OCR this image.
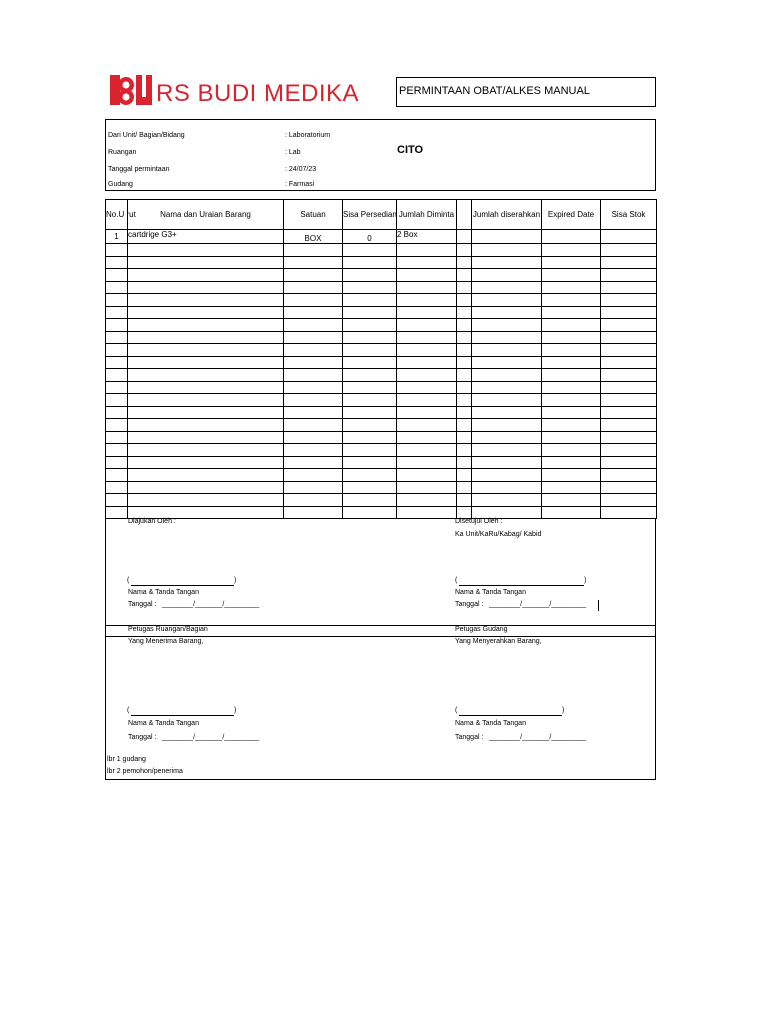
RS BUDI MEDIKA	PERMINTAAN OBAT/ALKES MANUAL
Dari Unit/ Bagian/Bidang	: Laboratorium
Ruangan	: Lab
Tanggal permintaan	: 24/07/23
Gudang	: Farmasi
CITO
No.U rut	Nama dan Uraian Barang	Satuan	Sisa Persedian	Jumlah Diminta		Jumlah diserahkan	Expired Date	Sisa Stok
1	cartdrige G3+	BOX	0	2 Box				

Diajukan Oleh :	Disetujui Oleh :
Ka Unit/KaRu/Kabag/ Kabid
(	)
Nama & Tanda Tangan
Tanggal : ________/_______/_________
(	)
Nama & Tanda Tangan
Tanggal : ________/_______/_________
Petugas Ruangan/Bagian	Petugas Gudang
Yang Menerima Barang,	Yang Menyerahkan Barang,
(	)
Nama & Tanda Tangan
Tanggal : ________/_______/_________
(	)
Nama & Tanda Tangan
Tanggal : ________/_______/_________
lbr 1 gudang
lbr 2 pemohon/penerima
